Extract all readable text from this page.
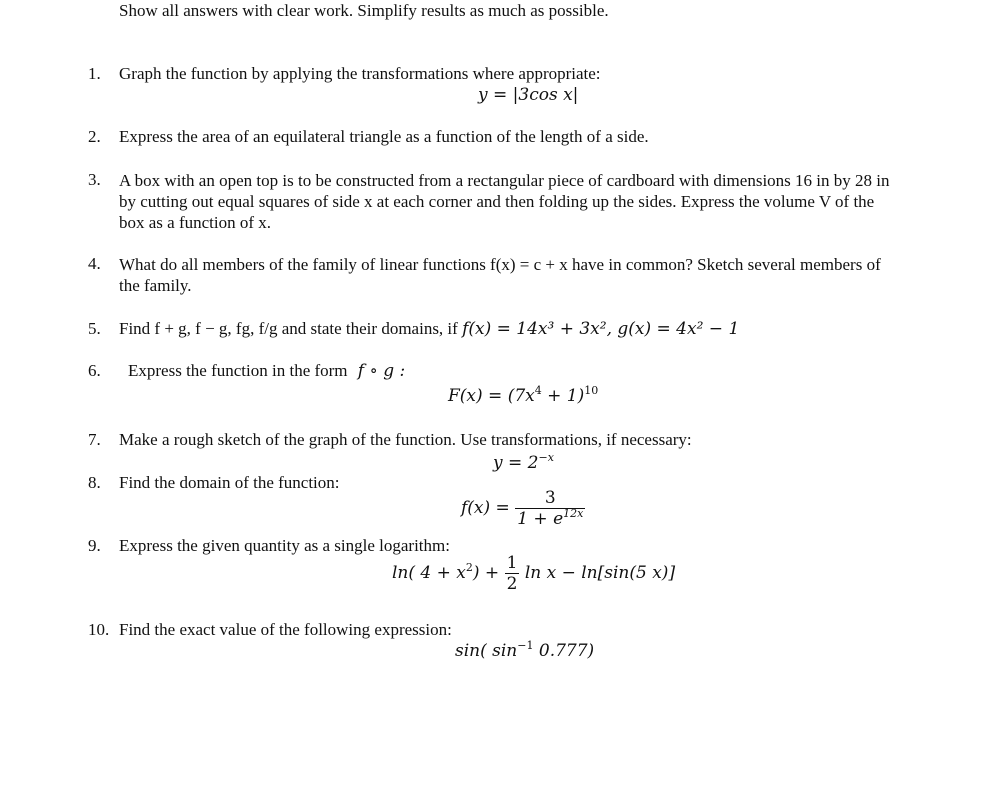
Show all answers with clear work. Simplify results as much as possible.
1. Graph the function by applying the transformations where appropriate:
y = |3cos x|
2. Express the area of an equilateral triangle as a function of the length of a side.
3. A box with an open top is to be constructed from a rectangular piece of cardboard with dimensions 16 in by 28 in
by cutting out equal squares of side x at each corner and then folding up the sides. Express the volume V of the
box as a function of x.
4. What do all members of the family of linear functions f(x) = c + x have in common? Sketch several members of
the family.
5. Find f + g, f − g, fg, f/g and state their domains, if f(x) = 14x³ + 3x², g(x) = 4x² − 1
6. Express the function in the form f ∘ g :
$F(x) = (7x^4 + 1)^{10}$
7. Make a rough sketch of the graph of the function. Use transformations, if necessary:
$y = 2^{-x}$
8. Find the domain of the function:
$f(x) = \frac{3}{1 + e^{12x}}$
9. Express the given quantity as a single logarithm:
ln( $4 + x^2) + \frac{1}{2}$ ln x − ln[sin(5 x)]
10. Find the exact value of the following expression:
sin( $\sin^{-1} 0.777$)
